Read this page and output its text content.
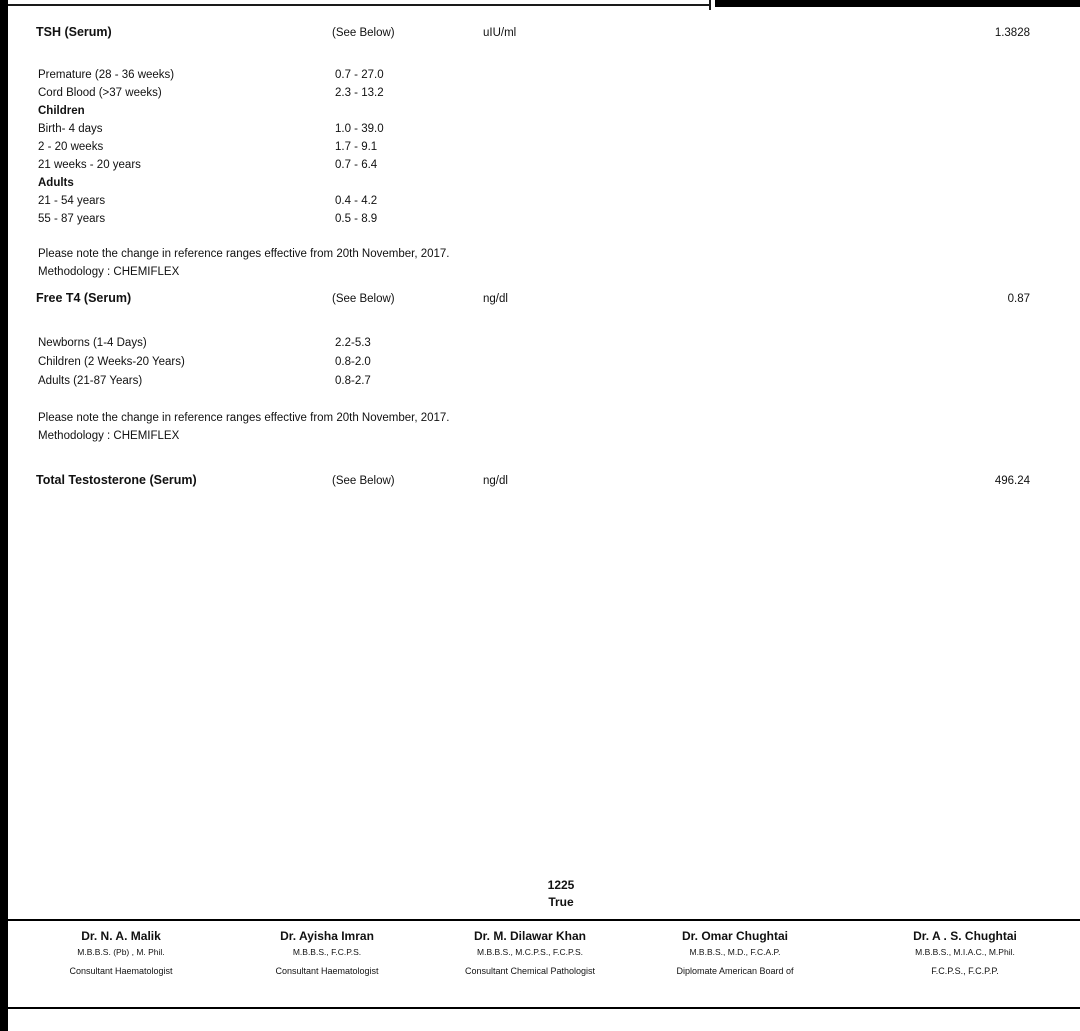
TSH (Serum)	(See Below)	uIU/ml	1.3828
Premature (28 - 36 weeks)	0.7 - 27.0
Cord Blood (>37 weeks)	2.3 - 13.2
Children
Birth- 4 days	1.0 - 39.0
2 - 20 weeks	1.7 - 9.1
21 weeks - 20 years	0.7 - 6.4
Adults
21 - 54 years	0.4 - 4.2
55 - 87 years	0.5 - 8.9
Please note the change in reference ranges effective from 20th November, 2017.
Methodology : CHEMIFLEX
Free T4 (Serum)	(See Below)	ng/dl	0.87
Newborns (1-4 Days)	2.2-5.3
Children (2 Weeks-20 Years)	0.8-2.0
Adults (21-87 Years)	0.8-2.7
Please note the change in reference ranges effective from 20th November, 2017.
Methodology : CHEMIFLEX
Total Testosterone (Serum)	(See Below)	ng/dl	496.24
1225
True
Dr. N. A. Malik
M.B.B.S. (Pb) , M. Phil.
Consultant Haematologist
Dr. Ayisha Imran
M.B.B.S., F.C.P.S.
Consultant Haematologist
Dr. M. Dilawar Khan
M.B.B.S., M.C.P.S., F.C.P.S.
Consultant Chemical Pathologist
Dr. Omar Chughtai
M.B.B.S., M.D., F.C.A.P.
Diplomate American Board of
Dr. A . S. Chughtai
M.B.B.S., M.I.A.C., M.Phil.
F.C.P.S., F.C.P.P.
